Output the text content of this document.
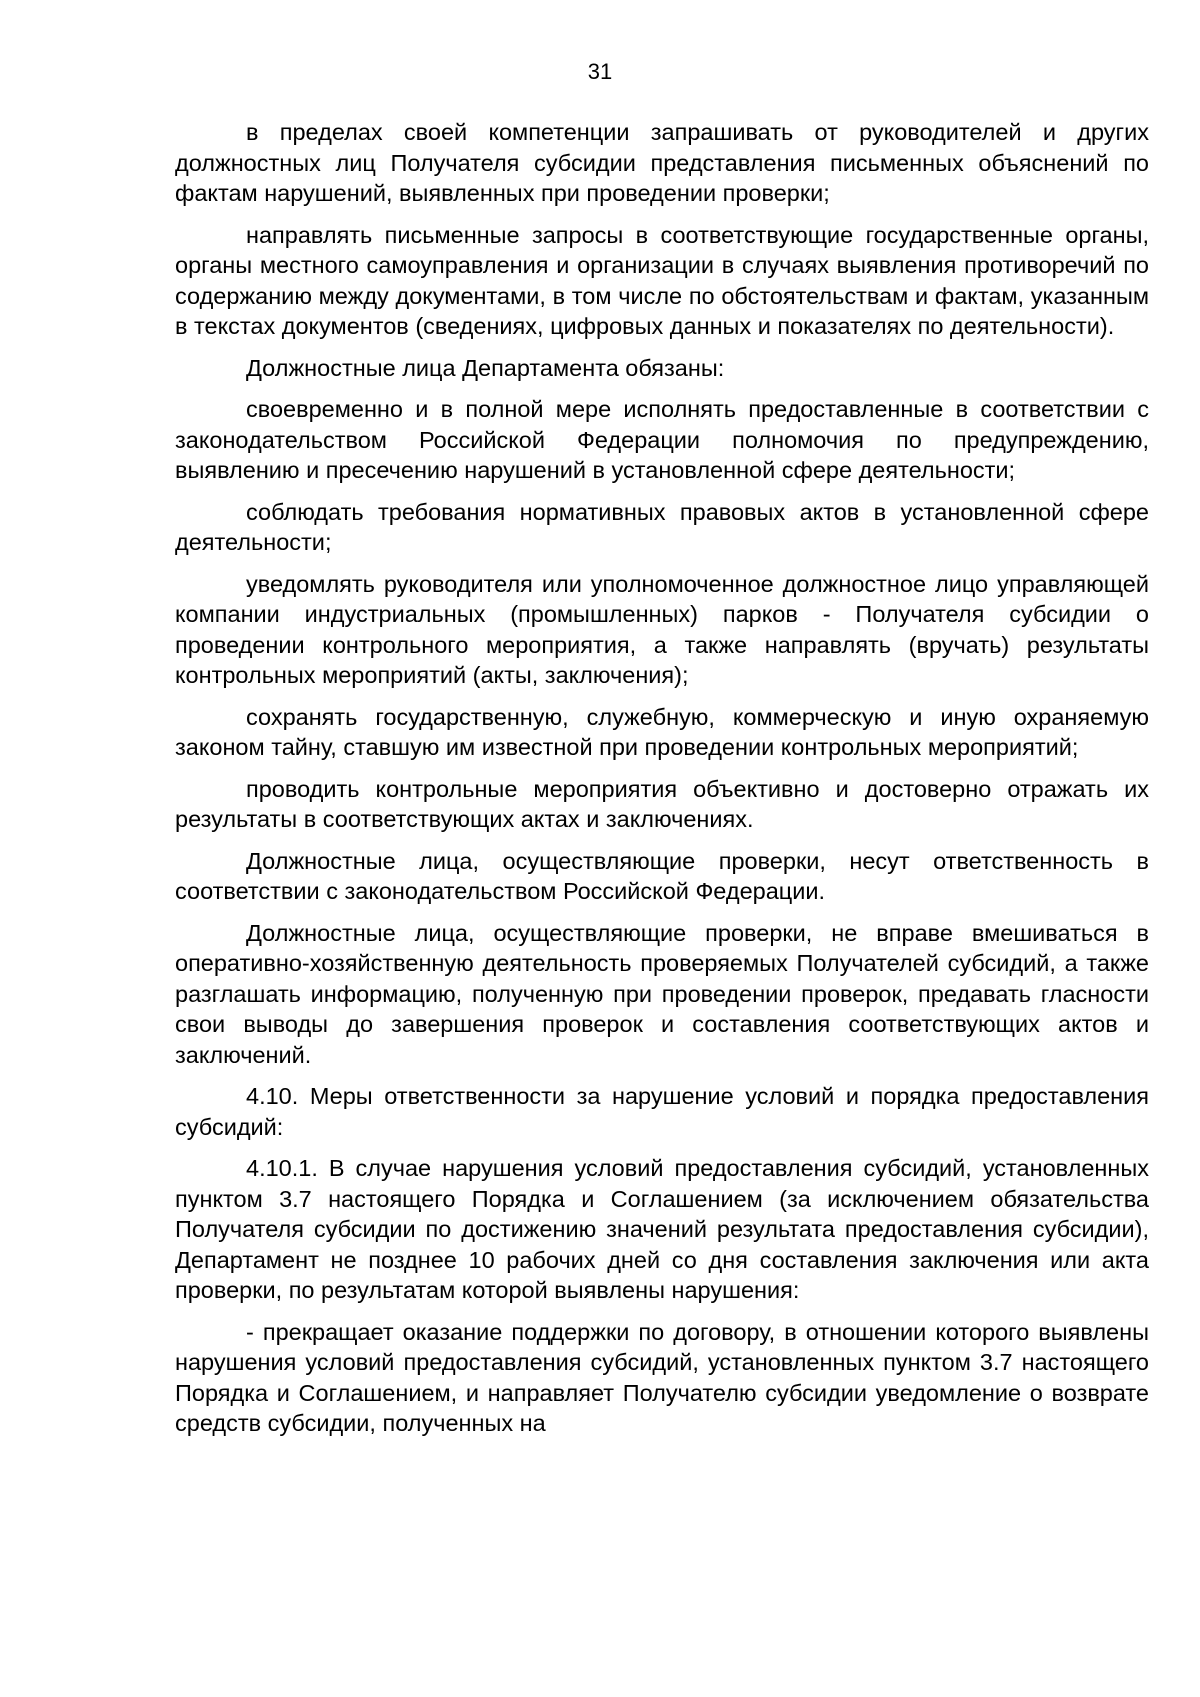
31

в пределах своей компетенции запрашивать от руководителей и других должностных лиц Получателя субсидии представления письменных объяснений по фактам нарушений, выявленных при проведении проверки;

направлять письменные запросы в соответствующие государственные органы, органы местного самоуправления и организации в случаях выявления противоречий по содержанию между документами, в том числе по обстоятельствам и фактам, указанным в текстах документов (сведениях, цифровых данных и показателях по деятельности).

Должностные лица Департамента обязаны:

своевременно и в полной мере исполнять предоставленные в соответствии с законодательством Российской Федерации полномочия по предупреждению, выявлению и пресечению нарушений в установленной сфере деятельности;

соблюдать требования нормативных правовых актов в установленной сфере деятельности;

уведомлять руководителя или уполномоченное должностное лицо управляющей компании индустриальных (промышленных) парков - Получателя субсидии о проведении контрольного мероприятия, а также направлять (вручать) результаты контрольных мероприятий (акты, заключения);

сохранять государственную, служебную, коммерческую и иную охраняемую законом тайну, ставшую им известной при проведении контрольных мероприятий;

проводить контрольные мероприятия объективно и достоверно отражать их результаты в соответствующих актах и заключениях.

Должностные лица, осуществляющие проверки, несут ответственность в соответствии с законодательством Российской Федерации.

Должностные лица, осуществляющие проверки, не вправе вмешиваться в оперативно-хозяйственную деятельность проверяемых Получателей субсидий, а также разглашать информацию, полученную при проведении проверок, предавать гласности свои выводы до завершения проверок и составления соответствующих актов и заключений.

4.10. Меры ответственности за нарушение условий и порядка предоставления субсидий:

4.10.1. В случае нарушения условий предоставления субсидий, установленных пунктом 3.7 настоящего Порядка и Соглашением (за исключением обязательства Получателя субсидии по достижению значений результата предоставления субсидии), Департамент не позднее 10 рабочих дней со дня составления заключения или акта проверки, по результатам которой выявлены нарушения:

- прекращает оказание поддержки по договору, в отношении которого выявлены нарушения условий предоставления субсидий, установленных пунктом 3.7 настоящего Порядка и Соглашением, и направляет Получателю субсидии уведомление о возврате средств субсидии, полученных на
